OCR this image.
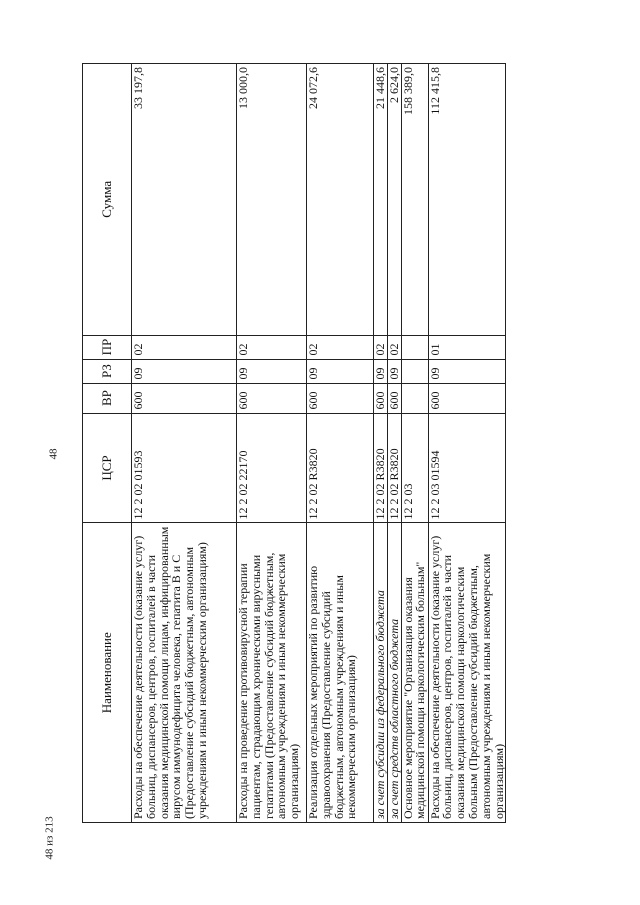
48
48 из 213
Наименование	ЦСР	ВР	РЗ	ПР	Сумма
Расходы на обеспечение деятельности (оказание услуг) больниц, диспансеров, центров, госпиталей в части оказания медицинской помощи лицам, инфицированным вирусом иммунодефицита человека, гепатита В и С (Предоставление субсидий бюджетным, автономным учреждениям и иным некоммерческим организациям)	12 2 02 01593	600	09	02	33 197,8
Расходы на проведение противовирусной терапии пациентам, страдающим хроническими вирусными гепатитами (Предоставление субсидий бюджетным, автономным учреждениям и иным некоммерческим организациям)	12 2 02 22170	600	09	02	13 000,0
Реализация отдельных мероприятий по развитию здравоохранения (Предоставление субсидий бюджетным, автономным учреждениям и иным некоммерческим организациям)	12 2 02 R3820	600	09	02	24 072,6
за счет субсидии из федерального бюджета	12 2 02 R3820	600	09	02	21 448,6
за счет средств областного бюджета	12 2 02 R3820	600	09	02	2 624,0
Основное мероприятие "Организация оказания медицинской помощи наркологическим больным"	12 2 03				158 389,0
Расходы на обеспечение деятельности (оказание услуг) больниц, диспансеров, центров, госпиталей в части оказания медицинской помощи наркологическим больным (Предоставление субсидий бюджетным, автономным учреждениям и иным некоммерческим организациям)	12 2 03 01594	600	09	01	112 415,8
